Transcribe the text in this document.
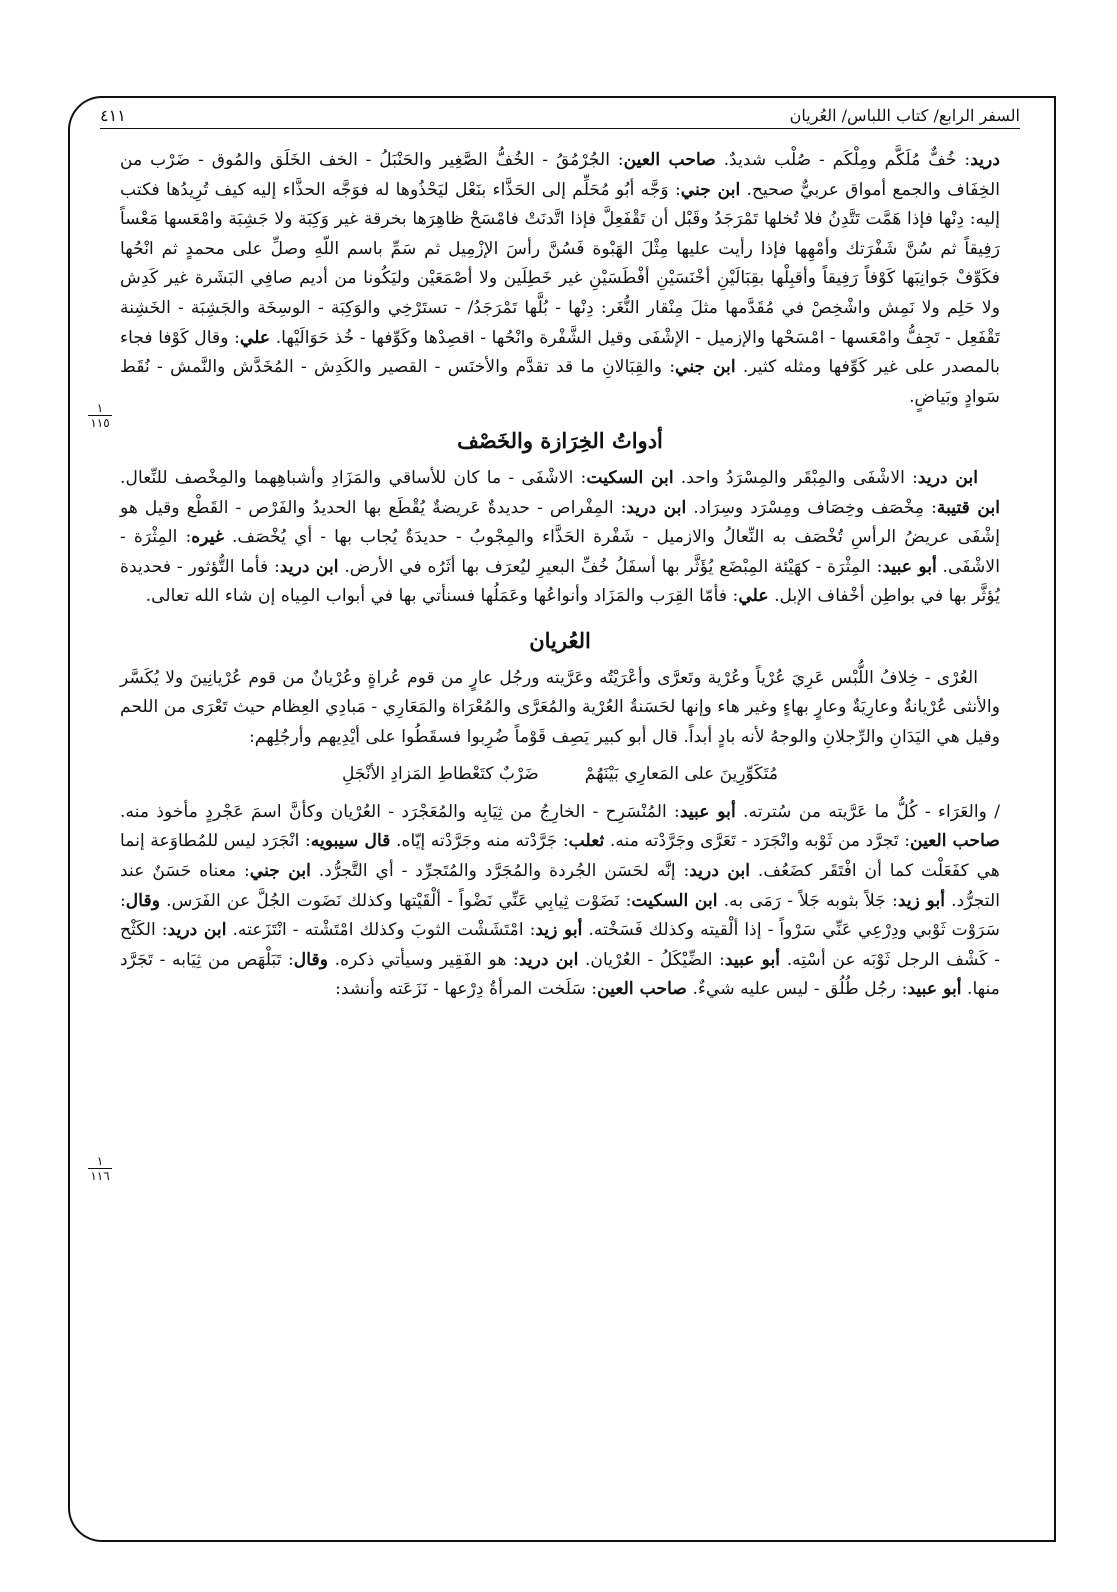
السفر الرابع/ كتاب اللباس/ العُريان
٤١١
١
١١٥
١
١١٦

دريد: خُفٌّ مُلَكَّم ومِلْكَم - صُلْب شديدٌ. صاحب العين: الجُرْمُقُ - الخُفُّ الصَّغِير والحَنْبَلُ - الخف الخَلَق والمُوق - ضَرْب من الخِفَاف والجمع أمواق عربيٌّ صحيح. ابن جني: وَجَّه أبُو مُحَلِّم إلى الحَذَّاء بنَعْل ليَحْذُوها له فوَجَّه الحذَّاء إليه كيف تُرِيدُها فكتب إليه: دِنْها فإذا هَمَّت تَتَّدِنُ فلا تُخلها تَمْرَجَدُ وقَبْل أن تَقْفَعِلَّ فإذا اتَّدنَتْ فامْسَحْ ظاهِرَها بخرقة غير وَكِبَة ولا جَشِبَة وامْعَسها مَعْساً رَفِيقاً ثم سُنَّ شَفْرَتك وأمْهِها فإذا رأيت عليها مِثْلَ الهَبْوة فَسُنَّ رأسَ الإزْمِيل ثم سَمِّ باسم اللّهِ وصلِّ على محمدٍ ثم انْحُها فكَوِّفْ جَوانِبَها كَوْفاً رَفِيقاً وأقبِلْها بقِبَالَيْنِ أخْنَسَيْنِ أفْطَسَيْنِ غير خَطِلَين ولا أصْمَعَيْن وليَكُونا من أديم صافِي البَشَرة غير كَدِش ولا حَلِم ولا نَمِش واشْخِصْ في مُقَدَّمها مثلَ مِنْقار النُّغَر: دِنْها - بُلَّها تَمْرَجَدُ/ - تستَرْخِي والوَكِبَة - الوسِخَة والجَشِبَة - الخَشِنة تَقْفَعِل - تَجِفُّ وامْعَسها - امْسَحْها والإزميل - الإشْفَى وقيل الشَّفْرة وانْحُها - اقصِدْها وكَوِّفها - خُذ حَوَالَيْها. علي: وقال كَوْفا فجاء بالمصدر على غير كَوِّفها ومثله كثير. ابن جني: والقِبَالانِ ما قد تقدَّم والأخنَس - القصير والكَدِش - المُخَدَّش والنَّمش - نُقَط سَوادٍ وبَياضٍ.

أدواتُ الخِرَازة والخَصْف

ابن دريد: الاشْفَى والمِبْقَر والمِسْرَدُ واحد. ابن السكيت: الاشْفَى - ما كان للأساقي والمَزَادِ وأشباهِهما والمِخْصف للنِّعال. ابن قتيبة: مِخْصَف وخِصَاف ومِسْرَد وسِرَاد. ابن دريد: المِفْراص - حديدةٌ عَريضةٌ يُقْطَع بها الحديدُ والفَرْص - القَطْع وقيل هو إشْفَى عريضُ الرأسِ تُخْصَف به النِّعالُ والازميل - شَفْرة الحَذَّاء والمِجْوبُ - حديدَةٌ يُجاب بها - أي يُخْصَف. غيره: المِثْرَة - الاشْفَى. أبو عبيد: المِثْرَة - كهَيْئة المِبْضَع يُؤَثَّر بها أسفَلُ خُفِّ البعيرِ ليُعرَف بها أثَرُه في الأرض. ابن دريد: فأما التُّؤثور - فحديدة يُؤثَّر بها في بواطِن أخْفاف الإبل. علي: فأمّا القِرَب والمَزَاد وأنواعُها وعَمَلُها فسنأتي بها في أبواب المِياه إن شاء الله تعالى.

العُريان

العُرْى - خِلافُ اللُّبْس عَرِيَ عُرْياً وعُرْية وتَعرَّى وأعْرَيْتُه وعَرَّيته ورجُل عارٍ من قوم عُراةٍ وعُرْيانٌ من قوم عُرْيانِينَ ولا يُكَسَّر والأنثى عُرْيانةٌ وعارِيَةٌ وعارٍ بهاءٍ وغير هاء وإنها لحَسَنةُ العُرْية والمُعَرَّى والمُعْرَاة والمَعَارِي - مَبادِي العِظام حيث تَعْرَى من اللحم وقيل هي اليَدَانِ والرِّجلانِ والوجهُ لأنه بادٍ أبداً. قال أبو كبير يَصِف قَوْماً ضُرِبوا فسقَطُوا على أيْدِيهم وأرجُلِهم:

مُتَكَوِّرِينَ على المَعارِي بَيْنَهُمْ
ضَرْبٌ كتَعْطاطِ المَزادِ الأنْجَلِ

/ والعَرَاء - كُلُّ ما عَرَّيته من سُترته. أبو عبيد: المُنْسَرِح - الخارِجُ من ثِيَابِه والمُعَجْرَد - العُرْيان وكأنَّ اسمَ عَجْردٍ مأخوذ منه. صاحب العين: تَجرَّد من ثَوْبه وانْجَرَد - تَعَرَّى وجَرَّدْته منه. ثعلب: جَرَّدْته منه وجَرَّدْته إيّاه. قال سيبويه: انْجَرَد ليس للمُطاوَعة إنما هي كفَعَلْت كما أن افْتَقَر كضَعُف. ابن دريد: إنَّه لحَسَن الجُردة والمُجَرَّد والمُتَجرِّد - أي التَّجرُّد. ابن جني: معناه حَسَنٌ عند التجرُّد. أبو زيد: جَلاً بثوبه جَلاً - رَمَى به. ابن السكيت: نَضَوْت ثِيابِي عَنِّي نَضْواً - ألْقَيْتها وكذلك نَضَوت الجُلَّ عن الفَرَس. وقال: سَرَوْت ثَوْبي ودِرْعِي عَنِّي سَرْواً - إذا ألْقيته وكذلك فَسَخْته. أبو زيد: امْتَشَشْت الثوبَ وكذلك امْتَشْته - انْتَزَعته. ابن دريد: الكَثْح - كَشْف الرجل ثَوْبَه عن أسْتِه. أبو عبيد: الضِّيْكَلُ - العُرْيان. ابن دريد: هو الفَقِير وسيأتي ذكره. وقال: تَبَلْهَص من ثِيَابه - تَجَرَّد منها. أبو عبيد: رجُل طُلُق - ليس عليه شيءٌ. صاحب العين: سَلَخت المرأةُ دِرْعها - نَزَعَته وأنشد:
